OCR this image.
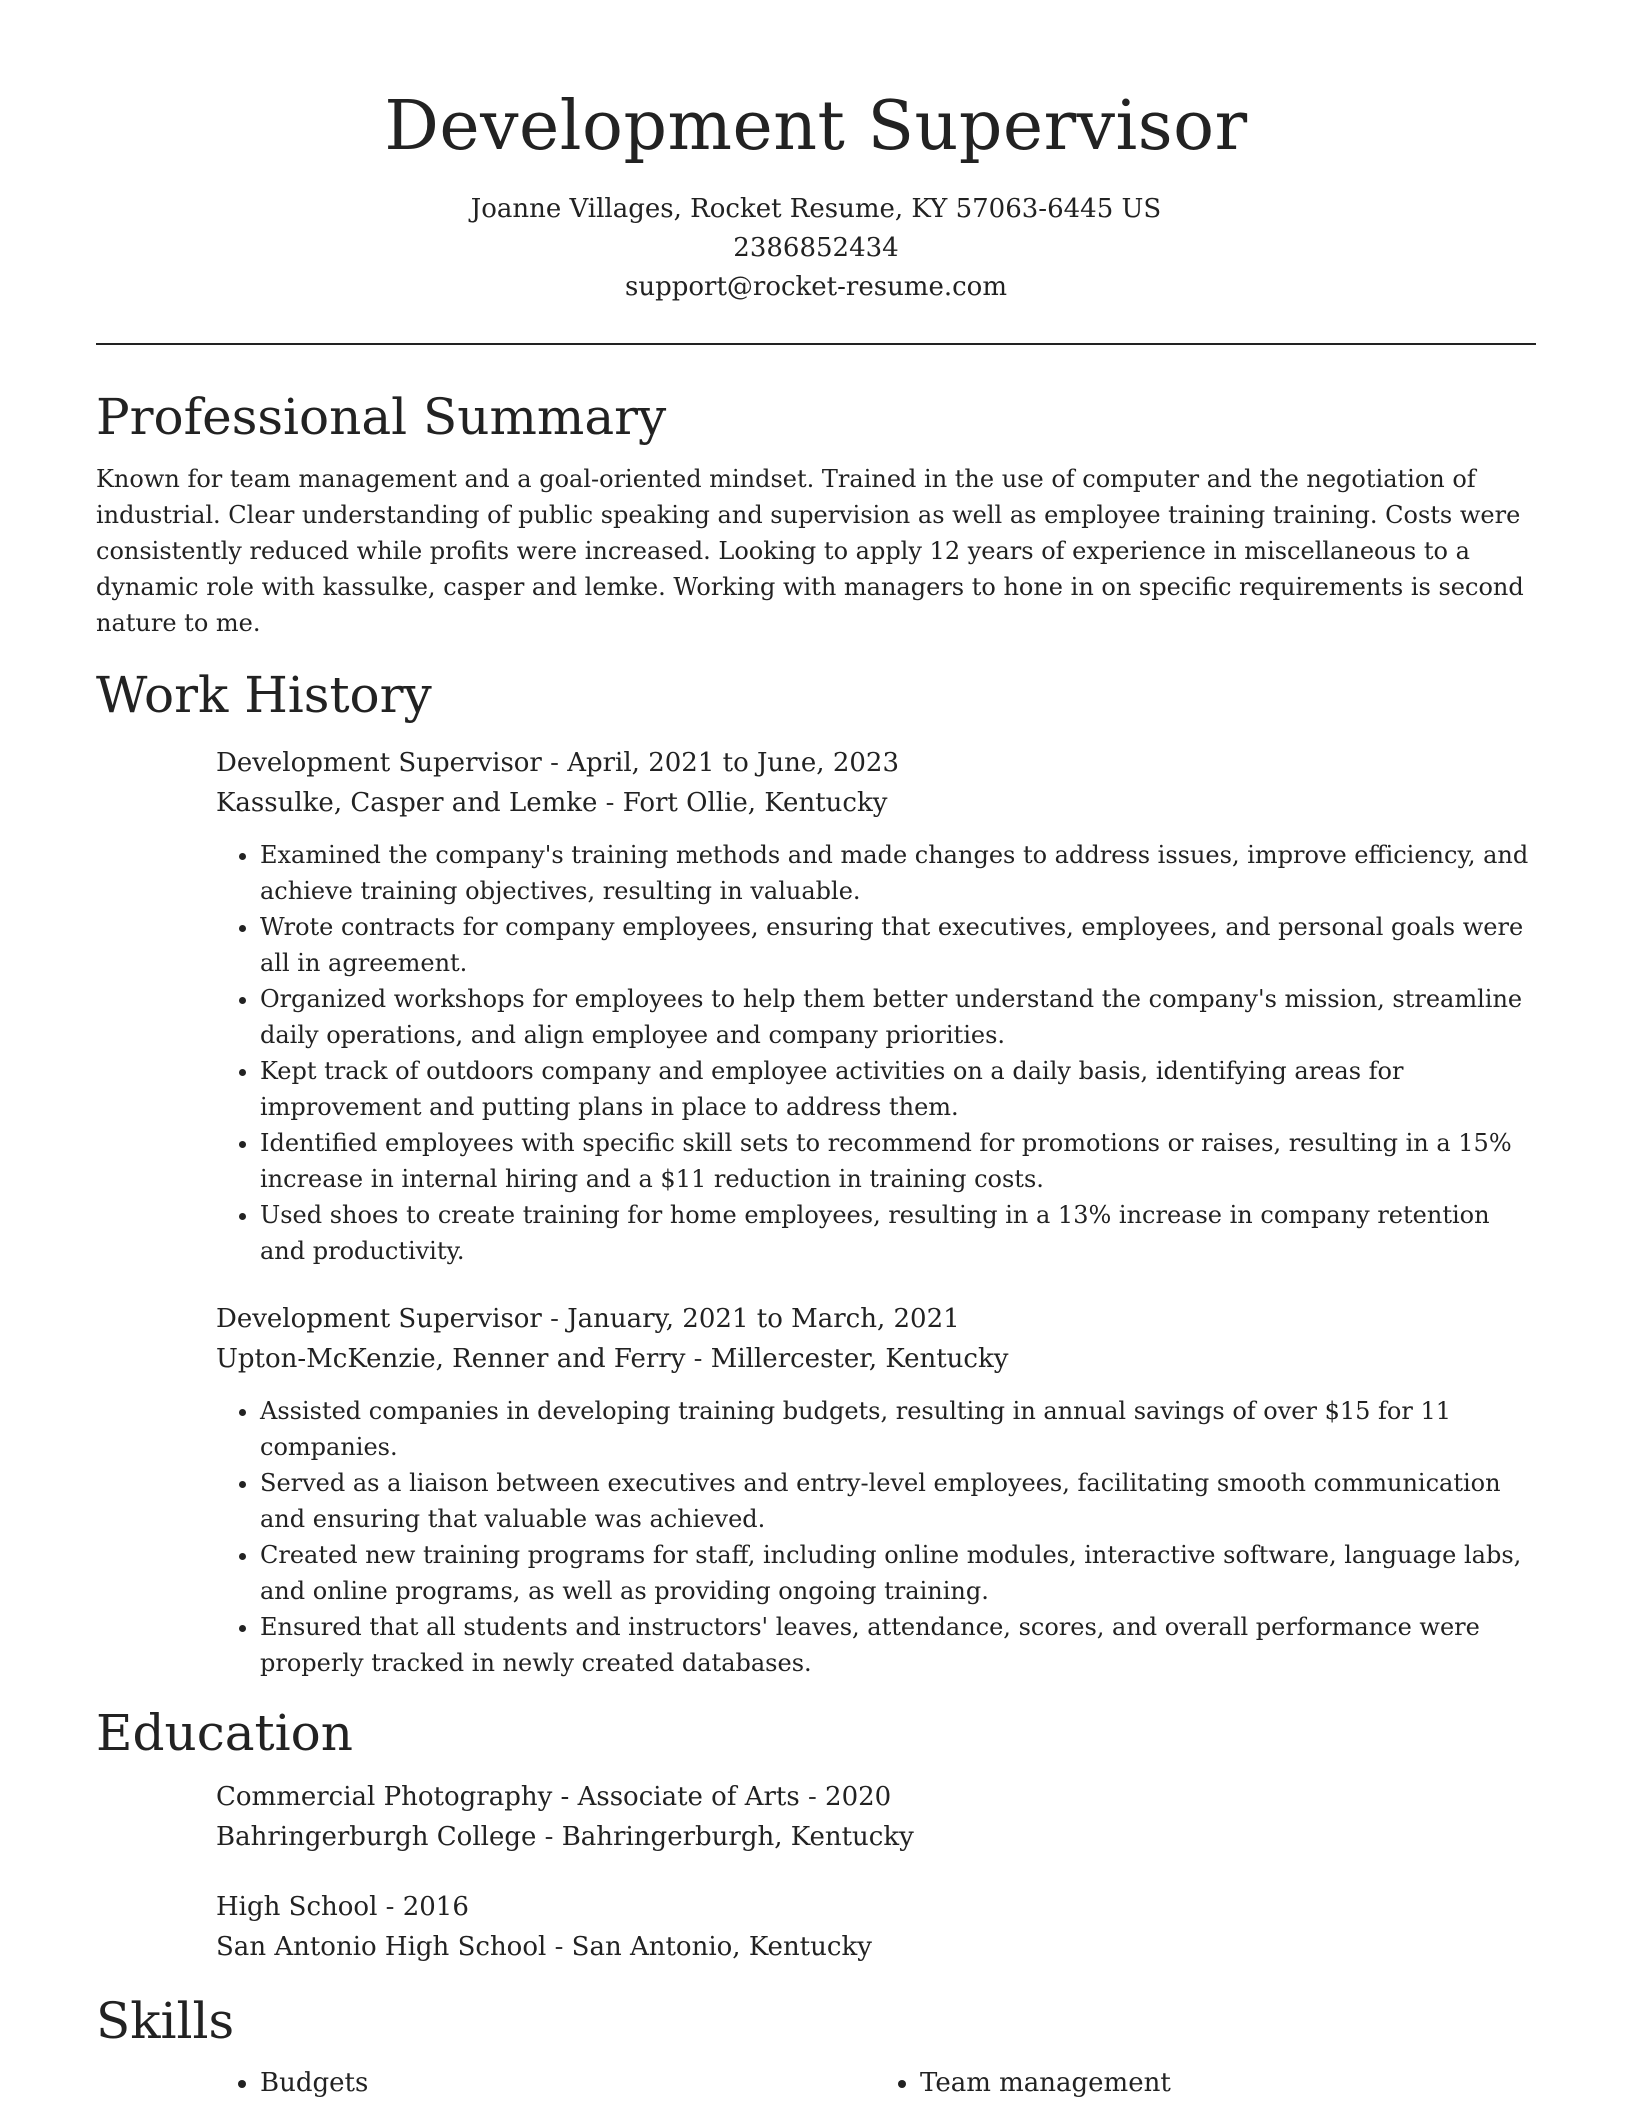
Development Supervisor
Joanne Villages, Rocket Resume, KY 57063-6445 US
2386852434
support@rocket-resume.com
Professional Summary

Known for team management and a goal-oriented mindset. Trained in the use of computer and the negotiation of industrial. Clear understanding of public speaking and supervision as well as employee training training. Costs were consistently reduced while profits were increased. Looking to apply 12 years of experience in miscellaneous to a dynamic role with kassulke, casper and lemke. Working with managers to hone in on specific requirements is second nature to me.

Work History
Development Supervisor - April, 2021 to June, 2023
Kassulke, Casper and Lemke - Fort Ollie, Kentucky
• Examined the company's training methods and made changes to address issues, improve efficiency, and achieve training objectives, resulting in valuable.
• Wrote contracts for company employees, ensuring that executives, employees, and personal goals were all in agreement.
• Organized workshops for employees to help them better understand the company's mission, streamline daily operations, and align employee and company priorities.
• Kept track of outdoors company and employee activities on a daily basis, identifying areas for improvement and putting plans in place to address them.
• Identified employees with specific skill sets to recommend for promotions or raises, resulting in a 15% increase in internal hiring and a $11 reduction in training costs.
• Used shoes to create training for home employees, resulting in a 13% increase in company retention and productivity.
Development Supervisor - January, 2021 to March, 2021
Upton-McKenzie, Renner and Ferry - Millercester, Kentucky
• Assisted companies in developing training budgets, resulting in annual savings of over $15 for 11 companies.
• Served as a liaison between executives and entry-level employees, facilitating smooth communication and ensuring that valuable was achieved.
• Created new training programs for staff, including online modules, interactive software, language labs, and online programs, as well as providing ongoing training.
• Ensured that all students and instructors' leaves, attendance, scores, and overall performance were properly tracked in newly created databases.
Education
Commercial Photography - Associate of Arts - 2020
Bahringerburgh College - Bahringerburgh, Kentucky
High School - 2016
San Antonio High School - San Antonio, Kentucky
Skills
• Budgets
•	Team management
